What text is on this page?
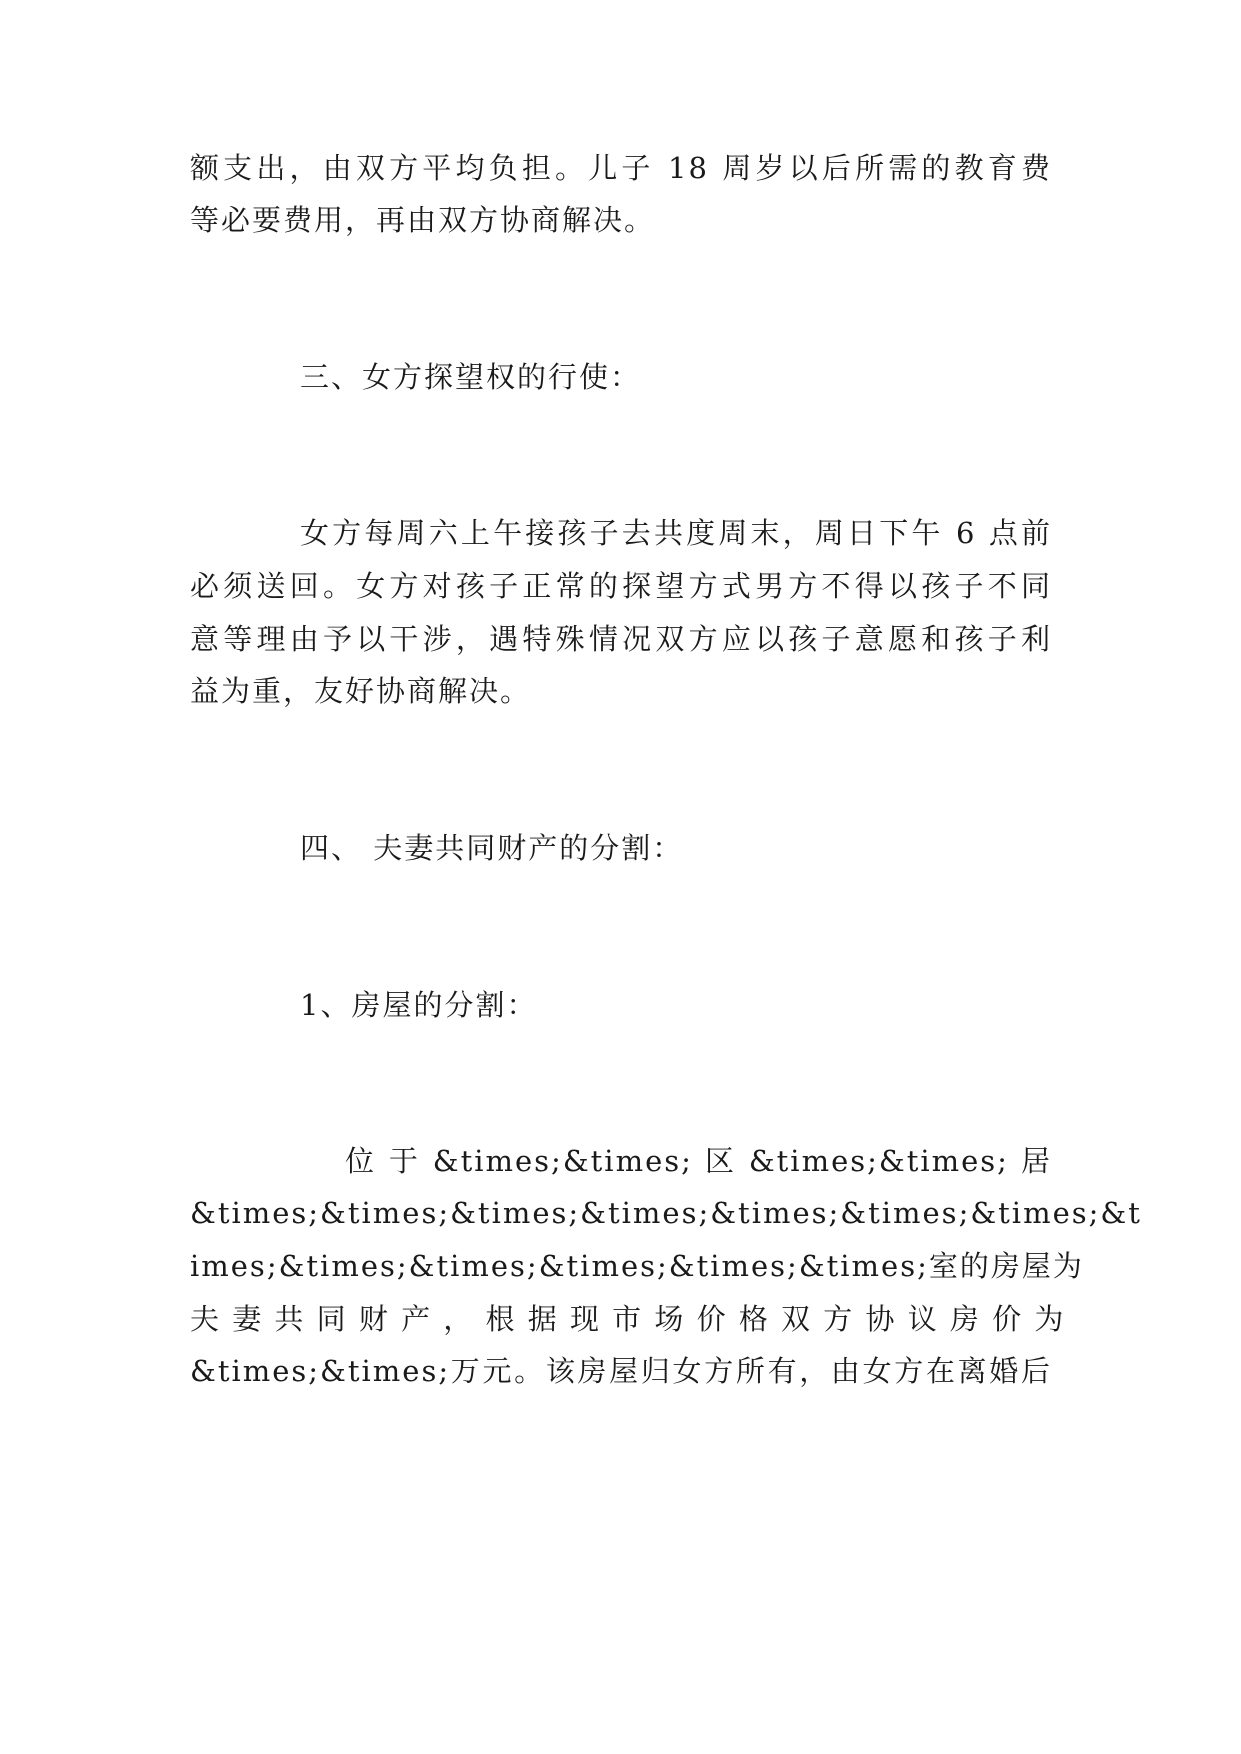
额支出，由双方平均负担。儿子 18 周岁以后所需的教育费
等必要费用，再由双方协商解决。
三、女方探望权的行使：
女方每周六上午接孩子去共度周末，周日下午 6 点前
必须送回。女方对孩子正常的探望方式男方不得以孩子不同
意等理由予以干涉，遇特殊情况双方应以孩子意愿和孩子利
益为重，友好协商解决。
四、 夫妻共同财产的分割：
1、房屋的分割：
位 于 &times;&times; 区 &times;&times; 居
&times;&times;&times;&times;&times;&times;&times;&t
imes;&times;&times;&times;&times;&times;室的房屋为
夫 妻 共 同 财 产 ， 根 据 现 市 场 价 格 双 方 协 议 房 价 为
&times;&times;万元。该房屋归女方所有，由女方在离婚后
